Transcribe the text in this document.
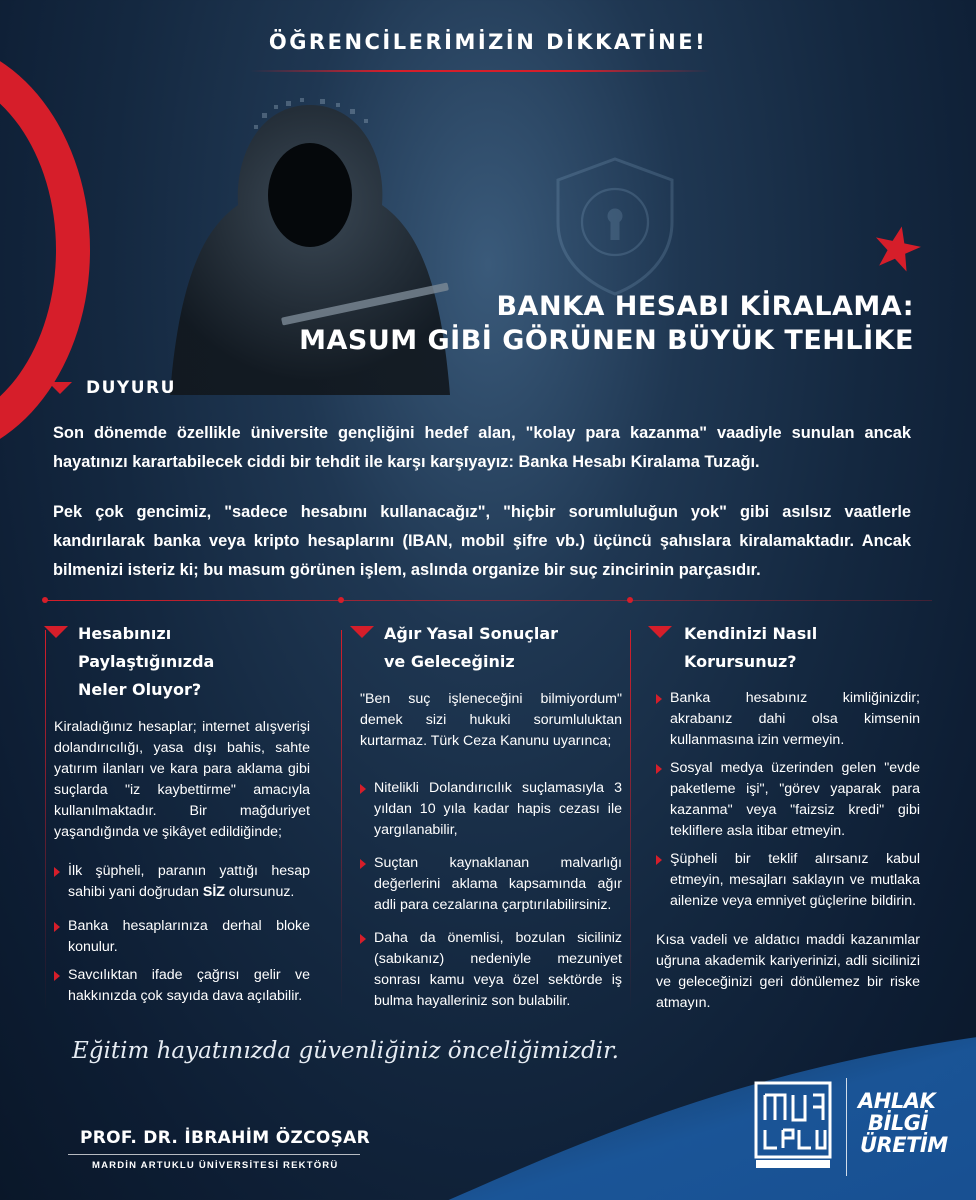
ÖĞRENCİLERİMİZİN DİKKATİNE!
BANKA HESABI KİRALAMA:
MASUM GİBİ GÖRÜNEN BÜYÜK TEHLİKE
DUYURU
Son dönemde özellikle üniversite gençliğini hedef alan, "kolay para kazanma" vaadiyle sunulan ancak hayatınızı karartabilecek ciddi bir tehdit ile karşı karşıyayız: Banka Hesabı Kiralama Tuzağı.
Pek çok gencimiz, "sadece hesabını kullanacağız", "hiçbir sorumluluğun yok" gibi asılsız vaatlerle kandırılarak banka veya kripto hesaplarını (IBAN, mobil şifre vb.) üçüncü şahıslara kiralamaktadır. Ancak bilmenizi isteriz ki; bu masum görünen işlem, aslında organize bir suç zincirinin parçasıdır.
Hesabınızı Paylaştığınızda
Neler Oluyor?

Kiraladığınız hesaplar; internet alışverişi dolandırıcılığı, yasa dışı bahis, sahte yatırım ilanları ve kara para aklama gibi suçlarda "iz kaybettirme" amacıyla kullanılmaktadır. Bir mağduriyet yaşandığında ve şikâyet edildiğinde;

İlk şüpheli, paranın yattığı hesap sahibi yani doğrudan SİZ olursunuz.
Banka hesaplarınıza derhal bloke konulur.
Savcılıktan ifade çağrısı gelir ve hakkınızda çok sayıda dava açılabilir.
Ağır Yasal Sonuçlar
ve Geleceğiniz

"Ben suç işleneceğini bilmiyordum" demek sizi hukuki sorumluluktan kurtarmaz. Türk Ceza Kanunu uyarınca;

Nitelikli Dolandırıcılık suçlamasıyla 3 yıldan 10 yıla kadar hapis cezası ile yargılanabilir,
Suçtan kaynaklanan malvarlığı değerlerini aklama kapsamında ağır adli para cezalarına çarptırılabilirsiniz.
Daha da önemlisi, bozulan siciliniz (sabıkanız) nedeniyle mezuniyet sonrası kamu veya özel sektörde iş bulma hayalleriniz son bulabilir.
Kendinizi Nasıl
Korursunuz?
Banka hesabınız kimliğinizdir; akrabanız dahi olsa kimsenin kullanmasına izin vermeyin.
Sosyal medya üzerinden gelen "evde paketleme işi", "görev yaparak para kazanma" veya "faizsiz kredi" gibi tekliflere asla itibar etmeyin.
Şüpheli bir teklif alırsanız kabul etmeyin, mesajları saklayın ve mutlaka ailenize veya emniyet güçlerine bildirin.

Kısa vadeli ve aldatıcı maddi kazanımlar uğruna akademik kariyerinizi, adli sicilinizi ve geleceğinizi geri dönülemez bir riske atmayın.

Eğitim hayatınızda güvenliğiniz önceliğimizdir.
PROF. DR. İBRAHİM ÖZCOŞAR
MARDİN ARTUKLU ÜNİVERSİTESİ REKTÖRÜ
AHLAK
BİLGİ
ÜRETİM
